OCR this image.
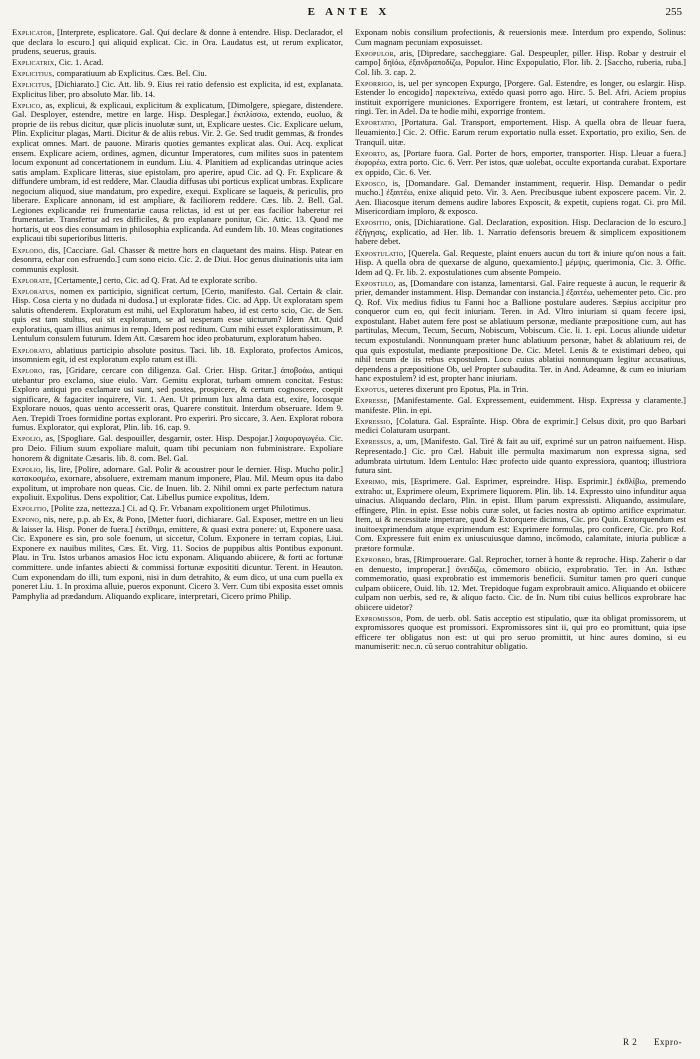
E ANTE X	255

Explicator, [Interprete, esplicatore. Gal. Qui declare & donne à entendre. Hisp. Declarador, el que declara lo escuro.] qui aliquid explicat. Cic. in Ora. Laudatus est, ut rerum explicator, prudens, seuerus, grauis.

Explicatrix, Cic. 1. Acad.

Explicitius, comparatiuum ab Explicitus. Cæs. Bel. Ciu.

Explicitus, [Dichiarato.] Cic. Att. lib. 9. Eius rei ratio defensio est explicita, id est, explanata. Explicitus liber, pro absoluto Mar. lib. 14.

Explico, as, explicui, & explicaui, explicitum & explicatum, [Dimolgere, spiegare, distendere. Gal. Desployer, estendre, mettre en large. Hisp. Desplegar.] ἐκπλίσσω, extendo, euoluo, & proprie de iis rebus dicitur, quæ plicis inuolutæ sunt, ut, Explicare uestes. Cic. Explicare uelum, Plin. Explicitur plagas, Marti. Dicitur & de aliis rebus. Vir. 2. Ge. Sed trudit gemmas, & frondes explicat omnes. Mart. de pauone. Miraris quoties gemantes explicat alas. Oui. Acq. explicat ensem. Explicare aciem, ordines, agmen, dicuntur Imperatores, cum milites suos in patentem locum exponunt ad concertationem in eundum. Liu. 4. Planitiem ad explicandas utrinque acies satis amplam. Explicare litteras, siue epistolam, pro aperire, apud Cic. ad Q. Fr. Explicare & diffundere umbram, id est reddere, Mar. Claudia diffusas ubi porticus explicat umbras. Explicare negocium aliquod, siue mandatum, pro expedire, exequi. Explicare se laqueis, & periculis, pro liberare. Explicare annonam, id est ampliare, & faciliorem reddere. Cæs. lib. 2. Bell. Gal. Legiones explicandæ rei frumentariæ causa relictas, id est ut per eas facilior haberetur rei frumentariæ. Transfertur ad res difficiles, & pro explanare ponitur, Cic. Attic. 13. Quod me hortaris, ut eos dies consumam in philosophia explicanda. Ad eundem lib. 10. Meas cogitationes explicaui tibi superioribus litteris.

Explodo, dis, [Cacciare. Gal. Chasser & mettre hors en claquetant des mains. Hisp. Patear en desonrra, echar con esfruendo.] cum sono eicio. Cic. 2. de Diui. Hoc genus diuinationis uita iam communis explosit.

Explorate, [Certamente,] certo, Cic. ad Q. Frat. Ad te explorate scribo.

Exploratus, nomen ex participio, significat certum, [Certo, manifesto. Gal. Certain & clair. Hisp. Cosa cierta y no dudada ni dudosa.] ut exploratæ fides. Cic. ad App. Ut exploratam spem salutis oftenderem. Exploratum est mihi, uel Exploratum habeo, id est certo scio, Cic. de Sen. quis est tam stultus, eui sit exploratum, se ad uesperam esse uicturum? Idem Att. Quid exploratius, quam illius animus in remp. Idem post reditum. Cum mihi esset exploratissimum, P. Lentulum consulem futurum. Idem Att. Cæsarem hoc ideo probaturum, exploratum habeo.

Explorato, ablatiuus participio absolute positus. Taci. lib. 18. Explorato, profectos Amicos, insomniem egit, id est exploratum explo ratum est illi.

Exploro, ras, [Gridare, cercare con diligenza. Gal. Crier. Hisp. Gritar.] ἀποβοάω, antiqui utebantur pro exclamo, siue eiulo. Varr. Gemitu explorat, turbam omnem concitat. Festus: Exploro antiqui pro exclamare usi sunt, sed postea, prospicere, & certum cognoscere, coepit significare, & fagaciter inquirere, Vir. 1. Aen. Ut primum lux alma data est, exire, locosque Explorare nouos, quas uento accesserit oras, Quarere constituit. Interdum obseruare. Idem 9. Aen. Trepidi Troes formidine portas explorant. Pro experiri. Pro siccare, 3. Aen. Explorat robora fumus. Explorator, qui explorat, Plin. lib. 16. cap. 9.

Expolio, as, [Spogliare. Gal. despouiller, desgarnir, oster. Hisp. Despojar.] λαφυραγωγέω. Cic. pro Deio. Filium suum expoliare maluit, quam tibi pecuniam non fubministrare. Expoliare honorem & dignitate Cæsaris. lib. 8. com. Bel. Gal.

Expolio, lis, lire, [Polire, adornare. Gal. Polir & acoustrer pour le dernier. Hisp. Mucho polir.] κατακοσμέω, exornare, absoluere, extremam manum imponere, Plau. Mil. Meum opus ita dabo expolitum, ut improbare non queas. Cic. de Inuen. lib. 2. Nihil omni ex parte perfectum natura expoliuit. Expolitus. Dens expolitior, Cat. Libellus pumice expolitus, Idem.

Expolitio, [Polite zza, nettezza.] Ci. ad Q. Fr. Vrbanam expolitionem urget Philotimus.

Expono, nis, nere, p.p. ab Ex, & Pono, [Metter fuori, dichiarare. Gal. Exposer, mettre en un lieu & laisser la. Hisp. Poner de fuera.] ἐκτίθημι, emittere, & quasi extra ponere: ut, Exponere uasa. Cic. Exponere es sin, pro sole foenum, ut siccetur, Colum. Exponere in terram copias, Liui. Exponere ex nauibus milites, Cæs. Et. Virg. 11. Socios de puppibus altis Pontibus exponunt. Plau. in Tru. Istos urbanos amasios Hoc ictu exponam. Aliquando abiicere, & forti ac fortunæ committere. unde infantes abiecti & commissi fortunæ exposititi dicuntur. Terent. in Heauton. Cum exponendam do illi, tum exponi, nisi in dum detrahito, & eum dico, ut una cum puella ex poneret Liu. 1. In proxima alluie, pueros exponunt. Cicero 3. Verr. Cum tibi exposita esset omnis Pamphylia ad prædandum. Aliquando explicare, interpretari, Cicero primo Philip.

Exponam nobis consilium profectionis, & reuersionis meæ. Interdum pro expendo, Solinus: Cum magnam pecuniam exposuisset.

Expopulor, aris, [Dipredare, saccheggiare. Gal. Despeupler, piller. Hisp. Robar y destruir el campo] δηϊόω, ἐξανδραποδίζω, Populor. Hinc Expopulatio, Flor. lib. 2. [Saccho, ruberia, ruba.] Col. lib. 3. cap. 2.

Exporrigo, is, uel per syncopen Expurgo, [Porgere. Gal. Estendre, es longer, ou eslargir. Hisp. Estender lo encogido] παρεκτείνω, extēdo quasi porro ago. Hirc. 5. Bel. Afri. Aciem propius instituit exporrigere municiones. Exporrigere frontem, est lætari, ut contrahere frontem, est ringi. Ter. in Adel. Da te hodie mihi, exporrige frontem.

Exportatio, [Portatura. Gal. Transport, emportement. Hisp. A quella obra de lleuar fuera, lleuamiento.] Cic. 2. Offic. Earum rerum exportatio nulla esset. Exportatio, pro exilio, Sen. de Tranquil. uitæ.

Exporto, as, [Portare fuora. Gal. Porter de hors, emporter, transporter. Hisp. Lleuar a fuera.] ἐκφορέω, extra porto. Cic. 6. Verr. Per istos, quæ uolebat, occulte exportanda curabat. Exportare ex oppido, Cic. 6. Ver.

Exposco, is, [Domandare. Gal. Demander instamment, requerir. Hisp. Demandar o pedir mucho.] ἐξαιτέω, enixe aliquid peto. Vir. 3. Aen. Precibusque iubent exposcere pacem. Vir. 2. Aen. Iliacosque iterum demens audire labores Exposcit, & expetit, cupiens rogat. Ci. pro Mil. Misericordiam implorо, & exposco.

Expositio, onis, [Dichiaratione. Gal. Declaration, exposition. Hisp. Declaracion de lo escuro.] ἐξήγησις, explicatio, ad Her. lib. 1. Narratio defensoris breuem & simplicem expositionem habere debet.

Expostulatio, [Querela. Gal. Requeste, plaint enuers aucun du tort & iniure qu'on nous a fait. Hisp. A quella obra de quexarse de alguno, quexamiento.] μέμψις, querimonia, Cic. 3. Offic. Idem ad Q. Fr. lib. 2. expostulationes cum absente Pompeio.

Expostulo, as, [Domandare con istanza, lamentarsi. Gal. Faire requeste à aucun, le requerir & prier, demander instamment. Hisp. Demandar con instancia.] ἐξαιτέω, uehementer peto. Cic. pro Q. Rof. Vix medius fidius tu Fanni hoc a Ballione postulare auderes. Sæpius accipitur pro conqueror cum eo, qui fecit iniuriam. Teren. in Ad. Vltro iniuriam si quam fecere ipsi, expostulant. Habet autem fere post se ablatiuum personæ, mediante præpositione cum, aut has partitulas, Mecum, Tecum, Secum, Nobiscum, Vobiscum. Cic. li. 1. epi. Locus aliunde uidetur tecum expostulandi. Nonnunquam præter hunc ablatiuum personæ, habet & ablatiuum rei, de qua quis expostulat, mediante præpositione De. Cic. Metel. Lenis & te existimari debeo, qui nihil tecum de iis rebus expostulem. Loco cuius ablatiui nonnunquam legitur accusatiuus, dependens a præpositione Ob, uel Propter subaudita. Ter. in And. Adeamne, & cum eo iniuriam hanc expostulem? id est, propter hanc iniuriam.

Expotus, ueteres dixerunt pro Epotus, Pla. in Trin.

Expresse, [Manifestamente. Gal. Expressement, euidemment. Hisp. Expressa y claramente.] manifeste. Plin. in epi.

Expressio, [Colatura. Gal. Espraînte. Hisp. Obra de exprimir.] Celsus dixit, pro quo Barbari medici Colaturam usurpant.

Expressus, a, um, [Manifesto. Gal. Tiré & fait au uif, exprimé sur un patron naifuement. Hisp. Representado.] Cic. pro Cæl. Habuit ille permulta maximarum non expressa signa, sed adumbrata uirtutum. Idem Lentulo: Hæc profecto uide quanto expressiora, quantoq; illustriora futura sint.

Exprimo, mis, [Esprimere. Gal. Esprimer, espreindre. Hisp. Esprimir.] ἐκθλίβω, premendo extraho: ut, Exprimere oleum, Exprimere liquorem. Plin. lib. 14. Expressto uino infunditur aqua uinacius. Aliquando declaro, Plin. in epist. Illum parum expressisti. Aliquando, assimulare, effingere, Plin. in epist. Esse nobis curæ solet, ut facies nostra ab optimo artifice exprimatur. Item, ui & necessitate impetrare, quod & Extorquere dicimus, Cic. pro Quin. Extorquendum est inuitoexprimendum atque exprimendum est: Exprimere formulas, pro conficere, Cic. pro Rof. Com. Expressere fuit enim ex uniuscuiusque damno, incōmodo, calamitate, iniuria publicæ a prætore formulæ.

Exprobro, bras, [Rimprouerare. Gal. Reprocher, torner à honte & reproche. Hisp. Zaherir o dar en denuesto, improperar.] ὀνειδίζω, cōmemoro obiicio, exprobratio. Ter. in An. Isthæc commemoratio, quasi exprobratio est immemoris beneficii. Sumitur tamen pro queri cunque culpam obiicere, Ouid. lib. 12. Met. Trepidoque fugam exprobrauit amico. Aliquando et obiicere culpam non uerbis, sed re, & aliquo facto. Cic. de In. Num tibi cuius bellicos exprobrare hac obiicere uidetor?

Expromissor, Pom. de uerb. obl. Satis acceptio est stipulatio, quæ ita obligat promissorem, ut expromissores quoque est promissori. Expromissores sint ii, qui pro eo promittunt, quia ipse efficere ter obligatus non est: ut qui pro seruo promittit, ut hinc aures domino, si eu manumiserit: nec.n. cũ seruo contrahitur obligatio.

R 2 Expro-
